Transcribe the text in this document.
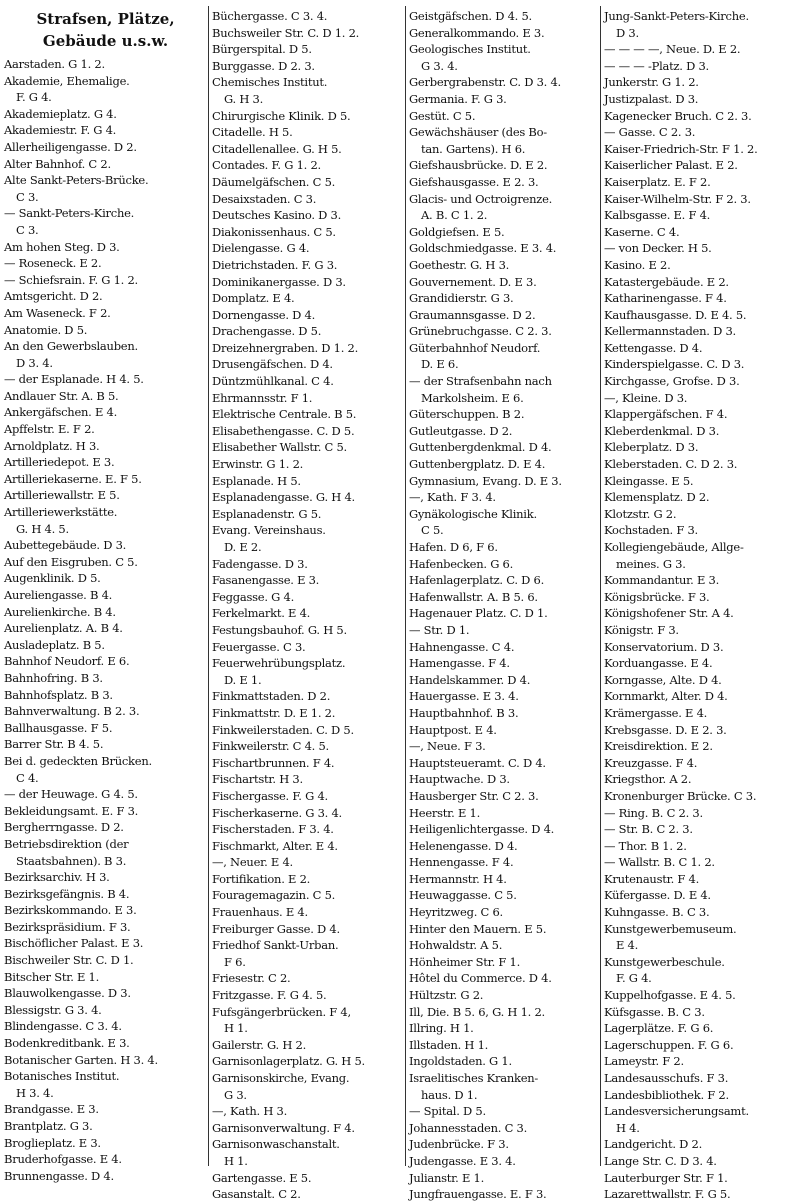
Strafsen, Plätze,
Gebäude u.s.w.
Aarstaden. G 1. 2.
Akademie, Ehemalige.
F. G 4.
Akademieplatz. G 4.
Akademiestr. F. G 4.
Allerheiligengasse. D 2.
Alter Bahnhof. C 2.
Alte Sankt-Peters-Brücke.
C 3.
— Sankt-Peters-Kirche.
C 3.
Am hohen Steg. D 3.
— Roseneck. E 2.
— Schiefsrain. F. G 1. 2.
Amtsgericht. D 2.
Am Waseneck. F 2.
Anatomie. D 5.
An den Gewerbslauben.
D 3. 4.
— der Esplanade. H 4. 5.
Andlauer Str. A. B 5.
Ankergäfschen. E 4.
Apffelstr. E. F 2.
Arnoldplatz. H 3.
Artilleriedepot. E 3.
Artilleriekaserne. E. F 5.
Artilleriewallstr. E 5.
Artilleriewerkstätte.
G. H 4. 5.
Aubettegebäude. D 3.
Auf den Eisgruben. C 5.
Augenklinik. D 5.
Aureliengasse. B 4.
Aurelienkirche. B 4.
Aurelienplatz. A. B 4.
Ausladeplatz. B 5.
Bahnhof Neudorf. E 6.
Bahnhofring. B 3.
Bahnhofsplatz. B 3.
Bahnverwaltung. B 2. 3.
Ballhausgasse. F 5.
Barrer Str. B 4. 5.
Bei d. gedeckten Brücken.
C 4.
— der Heuwage. G 4. 5.
Bekleidungsamt. E. F 3.
Bergherrngasse. D 2.
Betriebsdirektion (der
Staatsbahnen). B 3.
Bezirksarchiv. H 3.
Bezirksgefängnis. B 4.
Bezirkskommando. E 3.
Bezirkspräsidium. F 3.
Bischöflicher Palast. E 3.
Bischweiler Str. C. D 1.
Bitscher Str. E 1.
Blauwolkengasse. D 3.
Blessigstr. G 3. 4.
Blindengasse. C 3. 4.
Bodenkreditbank. E 3.
Botanischer Garten. H 3. 4.
Botanisches Institut.
H 3. 4.
Brandgasse. E 3.
Brantplatz. G 3.
Broglieplatz. E 3.
Bruderhofgasse. E 4.
Brunnengasse. D 4.
Büchergasse. C 3. 4.
Buchsweiler Str. C. D 1. 2.
Bürgerspital. D 5.
Burggasse. D 2. 3.
Chemisches Institut.
G. H 3.
Chirurgische Klinik. D 5.
Citadelle. H 5.
Citadellenallee. G. H 5.
Contades. F. G 1. 2.
Däumelgäfschen. C 5.
Desaixstaden. C 3.
Deutsches Kasino. D 3.
Diakonissenhaus. C 5.
Dielengasse. G 4.
Dietrichstaden. F. G 3.
Dominikanergasse. D 3.
Domplatz. E 4.
Dornengasse. D 4.
Drachengasse. D 5.
Dreizehnergraben. D 1. 2.
Drusengäfschen. D 4.
Düntzmühlkanal. C 4.
Ehrmannsstr. F 1.
Elektrische Centrale. B 5.
Elisabethengasse. C. D 5.
Elisabether Wallstr. C 5.
Erwinstr. G 1. 2.
Esplanade. H 5.
Esplanadengasse. G. H 4.
Esplanadenstr. G 5.
Evang. Vereinshaus.
D. E 2.
Fadengasse. D 3.
Fasanengasse. E 3.
Feggasse. G 4.
Ferkelmarkt. E 4.
Festungsbauhof. G. H 5.
Feuergasse. C 3.
Feuerwehrübungsplatz.
D. E 1.
Finkmattstaden. D 2.
Finkmattstr. D. E 1. 2.
Finkweilerstaden. C. D 5.
Finkweilerstr. C 4. 5.
Fischartbrunnen. F 4.
Fischartstr. H 3.
Fischergasse. F. G 4.
Fischerkaserne. G 3. 4.
Fischerstaden. F 3. 4.
Fischmarkt, Alter. E 4.
—, Neuer. E 4.
Fortifikation. E 2.
Fouragemagazin. C 5.
Frauenhaus. E 4.
Freiburger Gasse. D 4.
Friedhof Sankt-Urban.
F 6.
Friesestr. C 2.
Fritzgasse. F. G 4. 5.
Fufsgängerbrücken. F 4,
H 1.
Gailerstr. G. H 2.
Garnisonlagerplatz. G. H 5.
Garnisonskirche, Evang.
G 3.
—, Kath. H 3.
Garnisonverwaltung. F 4.
Garnisonwaschanstalt.
H 1.
Gartengasse. E 5.
Gasanstalt. C 2.
Geistgäfschen. D 4. 5.
Generalkommando. E 3.
Geologisches Institut.
G 3. 4.
Gerbergrabenstr. C. D 3. 4.
Germania. F. G 3.
Gestüt. C 5.
Gewächshäuser (des Bo-
tan. Gartens). H 6.
Giefshausbrücke. D. E 2.
Giefshausgasse. E 2. 3.
Glacis- und Octroigrenze.
A. B. C 1. 2.
Goldgiefsen. E 5.
Goldschmiedgasse. E 3. 4.
Goethestr. G. H 3.
Gouvernement. D. E 3.
Grandidierstr. G 3.
Graumannsgasse. D 2.
Grünebruchgasse. C 2. 3.
Güterbahnhof Neudorf.
D. E 6.
— der Strafsenbahn nach
Markolsheim. E 6.
Güterschuppen. B 2.
Gutleutgasse. D 2.
Guttenbergdenkmal. D 4.
Guttenbergplatz. D. E 4.
Gymnasium, Evang. D. E 3.
—, Kath. F 3. 4.
Gynäkologische Klinik.
C 5.
Hafen. D 6, F 6.
Hafenbecken. G 6.
Hafenlagerplatz. C. D 6.
Hafenwallstr. A. B 5. 6.
Hagenauer Platz. C. D 1.
— Str. D 1.
Hahnengasse. C 4.
Hamengasse. F 4.
Handelskammer. D 4.
Hauergasse. E 3. 4.
Hauptbahnhof. B 3.
Hauptpost. E 4.
—, Neue. F 3.
Hauptsteueramt. C. D 4.
Hauptwache. D 3.
Hausberger Str. C 2. 3.
Heerstr. E 1.
Heiligenlichtergasse. D 4.
Helenengasse. D 4.
Hennengasse. F 4.
Hermannstr. H 4.
Heuwaggasse. C 5.
Heyritzweg. C 6.
Hinter den Mauern. E 5.
Hohwaldstr. A 5.
Hönheimer Str. F 1.
Hôtel du Commerce. D 4.
Hültzstr. G 2.
Ill, Die. B 5. 6, G. H 1. 2.
Illring. H 1.
Illstaden. H 1.
Ingoldstaden. G 1.
Israelitisches Kranken-
haus. D 1.
— Spital. D 5.
Johannesstaden. C 3.
Judenbrücke. F 3.
Judengasse. E 3. 4.
Julianstr. E 1.
Jungfrauengasse. E. F 3.
Jung-Sankt-Peters-Kirche.
D 3.
— — — —, Neue. D. E 2.
— — — -Platz. D 3.
Junkerstr. G 1. 2.
Justizpalast. D 3.
Kagenecker Bruch. C 2. 3.
— Gasse. C 2. 3.
Kaiser-Friedrich-Str. F 1. 2.
Kaiserlicher Palast. E 2.
Kaiserplatz. E. F 2.
Kaiser-Wilhelm-Str. F 2. 3.
Kalbsgasse. E. F 4.
Kaserne. C 4.
— von Decker. H 5.
Kasino. E 2.
Katastergebäude. E 2.
Katharinengasse. F 4.
Kaufhausgasse. D. E 4. 5.
Kellermannstaden. D 3.
Kettengasse. D 4.
Kinderspielgasse. C. D 3.
Kirchgasse, Grofse. D 3.
—, Kleine. D 3.
Klappergäfschen. F 4.
Kleberdenkmal. D 3.
Kleberplatz. D 3.
Kleberstaden. C. D 2. 3.
Kleingasse. E 5.
Klemensplatz. D 2.
Klotzstr. G 2.
Kochstaden. F 3.
Kollegiengebäude, Allge-
meines. G 3.
Kommandantur. E 3.
Königsbrücke. F 3.
Königshofener Str. A 4.
Königstr. F 3.
Konservatorium. D 3.
Korduangasse. E 4.
Korngasse, Alte. D 4.
Kornmarkt, Alter. D 4.
Krämergasse. E 4.
Krebsgasse. D. E 2. 3.
Kreisdirektion. E 2.
Kreuzgasse. F 4.
Kriegsthor. A 2.
Kronenburger Brücke. C 3.
— Ring. B. C 2. 3.
— Str. B. C 2. 3.
— Thor. B 1. 2.
— Wallstr. B. C 1. 2.
Krutenaustr. F 4.
Küfergasse. D. E 4.
Kuhngasse. B. C 3.
Kunstgewerbemuseum.
E 4.
Kunstgewerbeschule.
F. G 4.
Kuppelhofgasse. E 4. 5.
Küfsgasse. B. C 3.
Lagerplätze. F. G 6.
Lagerschuppen. F. G 6.
Lameystr. F 2.
Landesausschufs. F 3.
Landesbibliothek. F 2.
Landesversicherungsamt.
H 4.
Landgericht. D 2.
Lange Str. C. D 3. 4.
Lauterburger Str. F 1.
Lazarettwallstr. F. G 5.
